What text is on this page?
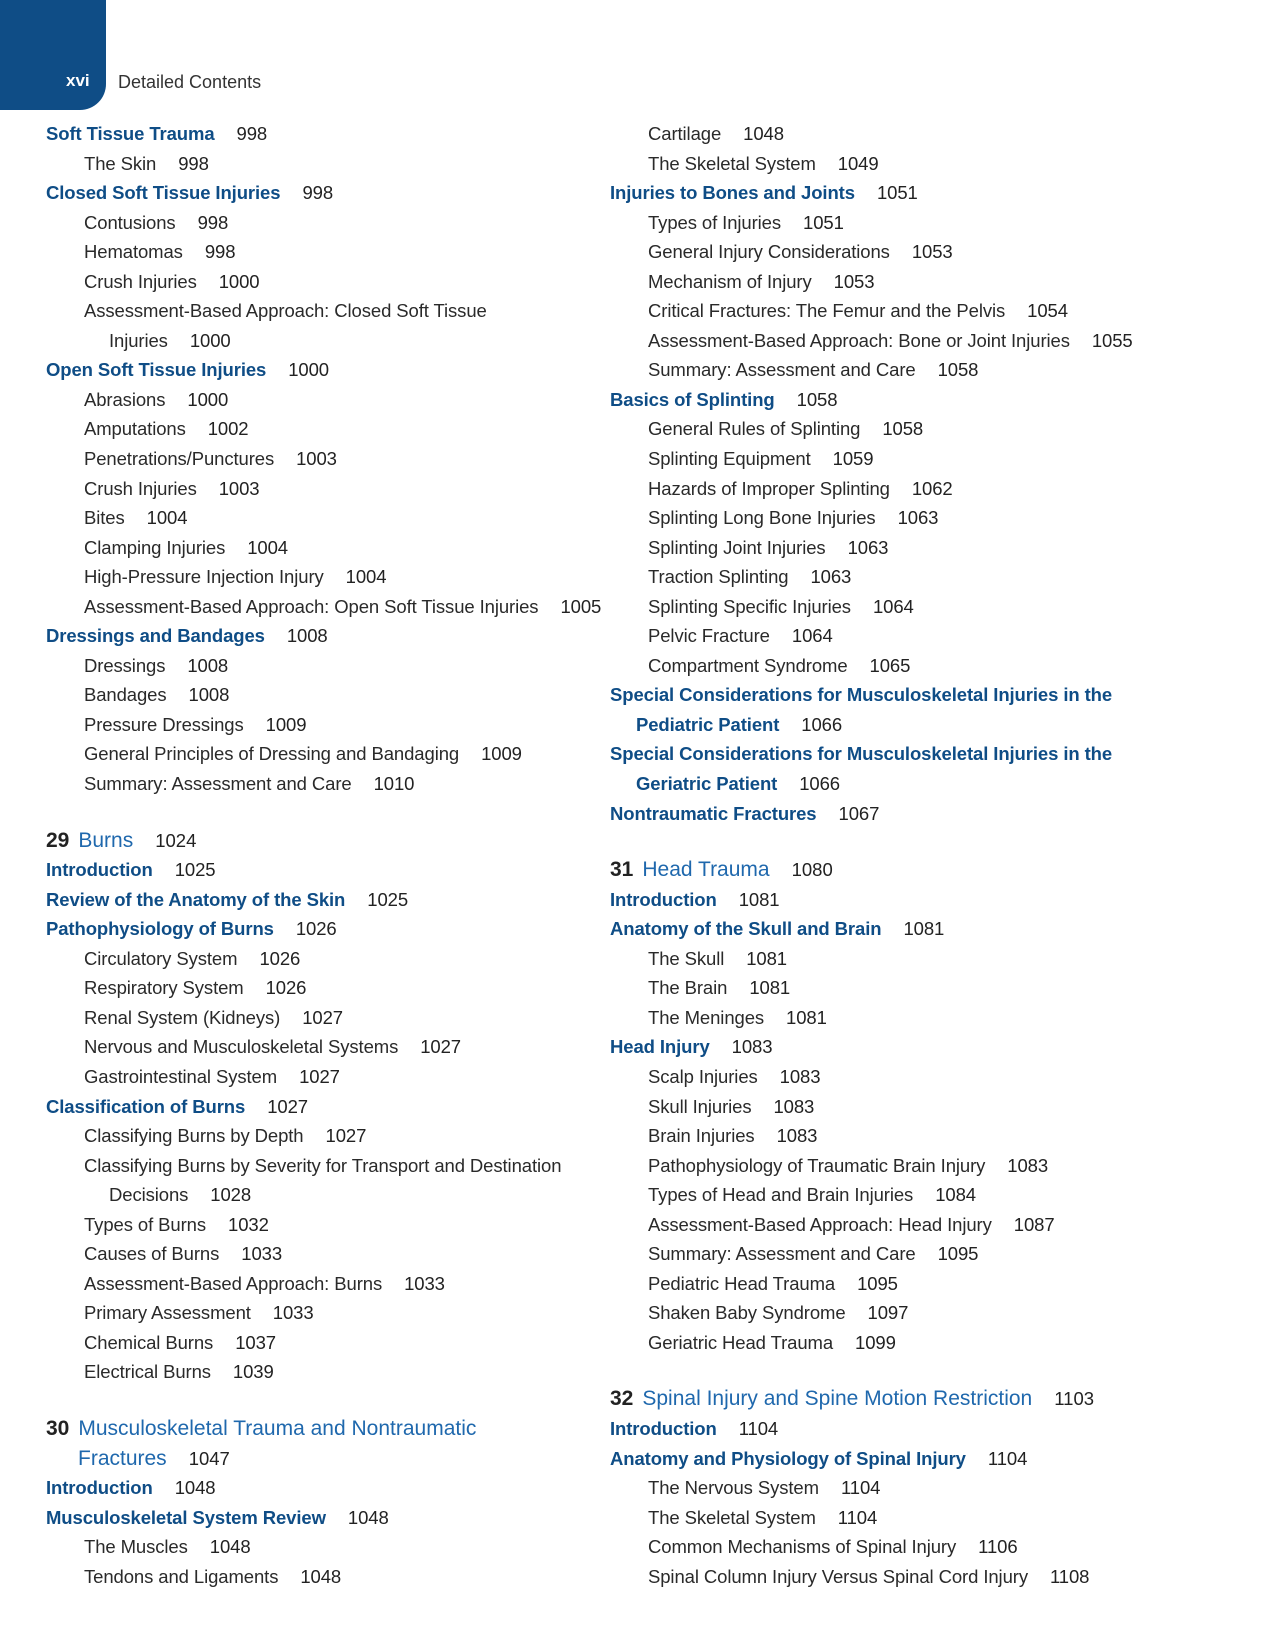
xvi Detailed Contents
Soft Tissue Trauma 998
The Skin 998
Closed Soft Tissue Injuries 998
Contusions 998
Hematomas 998
Crush Injuries 1000
Assessment-Based Approach: Closed Soft Tissue
Injuries 1000
Open Soft Tissue Injuries 1000
Abrasions 1000
Amputations 1002
Penetrations/Punctures 1003
Crush Injuries 1003
Bites 1004
Clamping Injuries 1004
High-Pressure Injection Injury 1004
Assessment-Based Approach: Open Soft Tissue Injuries 1005
Dressings and Bandages 1008
Dressings 1008
Bandages 1008
Pressure Dressings 1009
General Principles of Dressing and Bandaging 1009
Summary: Assessment and Care 1010
29 Burns 1024
Introduction 1025
Review of the Anatomy of the Skin 1025
Pathophysiology of Burns 1026
Circulatory System 1026
Respiratory System 1026
Renal System (Kidneys) 1027
Nervous and Musculoskeletal Systems 1027
Gastrointestinal System 1027
Classification of Burns 1027
Classifying Burns by Depth 1027
Classifying Burns by Severity for Transport and Destination
Decisions 1028
Types of Burns 1032
Causes of Burns 1033
Assessment-Based Approach: Burns 1033
Primary Assessment 1033
Chemical Burns 1037
Electrical Burns 1039
30 Musculoskeletal Trauma and Nontraumatic
Fractures 1047
Introduction 1048
Musculoskeletal System Review 1048
The Muscles 1048
Tendons and Ligaments 1048
Cartilage 1048
The Skeletal System 1049
Injuries to Bones and Joints 1051
Types of Injuries 1051
General Injury Considerations 1053
Mechanism of Injury 1053
Critical Fractures: The Femur and the Pelvis 1054
Assessment-Based Approach: Bone or Joint Injuries 1055
Summary: Assessment and Care 1058
Basics of Splinting 1058
General Rules of Splinting 1058
Splinting Equipment 1059
Hazards of Improper Splinting 1062
Splinting Long Bone Injuries 1063
Splinting Joint Injuries 1063
Traction Splinting 1063
Splinting Specific Injuries 1064
Pelvic Fracture 1064
Compartment Syndrome 1065
Special Considerations for Musculoskeletal Injuries in the
Pediatric Patient 1066
Special Considerations for Musculoskeletal Injuries in the
Geriatric Patient 1066
Nontraumatic Fractures 1067
31 Head Trauma 1080
Introduction 1081
Anatomy of the Skull and Brain 1081
The Skull 1081
The Brain 1081
The Meninges 1081
Head Injury 1083
Scalp Injuries 1083
Skull Injuries 1083
Brain Injuries 1083
Pathophysiology of Traumatic Brain Injury 1083
Types of Head and Brain Injuries 1084
Assessment-Based Approach: Head Injury 1087
Summary: Assessment and Care 1095
Pediatric Head Trauma 1095
Shaken Baby Syndrome 1097
Geriatric Head Trauma 1099
32 Spinal Injury and Spine Motion Restriction 1103
Introduction 1104
Anatomy and Physiology of Spinal Injury 1104
The Nervous System 1104
The Skeletal System 1104
Common Mechanisms of Spinal Injury 1106
Spinal Column Injury Versus Spinal Cord Injury 1108
